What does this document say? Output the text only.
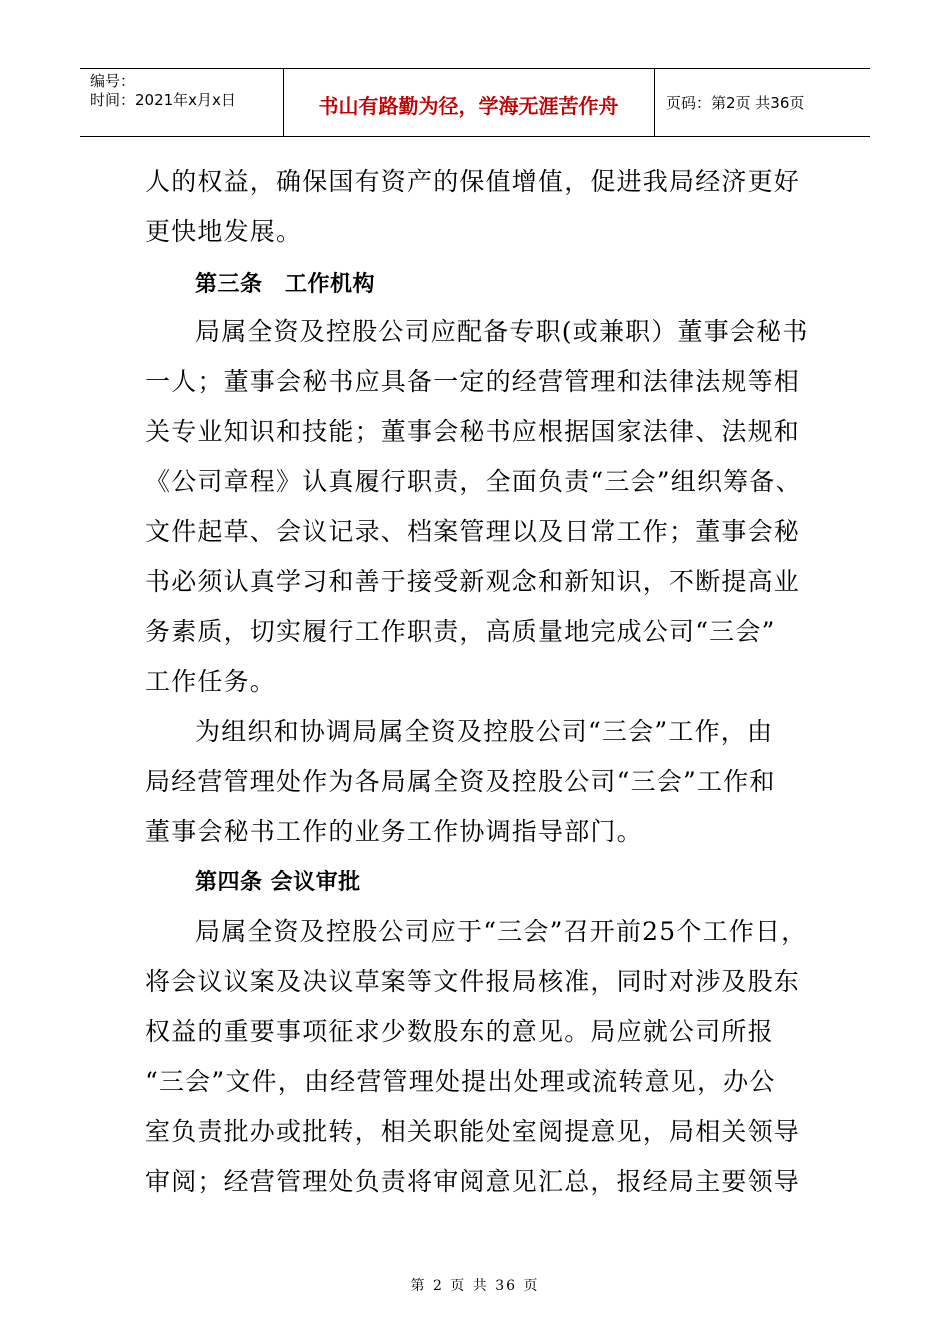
编号：
时间：2021年x月x日	书山有路勤为径，学海无涯苦作舟	页码：第2页 共36页
人的权益，确保国有资产的保值增值，促进我局经济更好
更快地发展。
第三条　工作机构
局属全资及控股公司应配备专职(或兼职）董事会秘书
一人；董事会秘书应具备一定的经营管理和法律法规等相
关专业知识和技能；董事会秘书应根据国家法律、法规和
《公司章程》认真履行职责，全面负责“三会”组织筹备、
文件起草、会议记录、档案管理以及日常工作；董事会秘
书必须认真学习和善于接受新观念和新知识，不断提高业
务素质，切实履行工作职责，高质量地完成公司“三会”
工作任务。
为组织和协调局属全资及控股公司“三会”工作，由
局经营管理处作为各局属全资及控股公司“三会”工作和
董事会秘书工作的业务工作协调指导部门。
第四条 会议审批
局属全资及控股公司应于“三会”召开前25个工作日，
将会议议案及决议草案等文件报局核准，同时对涉及股东
权益的重要事项征求少数股东的意见。局应就公司所报
“三会”文件，由经营管理处提出处理或流转意见，办公
室负责批办或批转，相关职能处室阅提意见，局相关领导
审阅；经营管理处负责将审阅意见汇总，报经局主要领导
第 2 页 共 36 页
